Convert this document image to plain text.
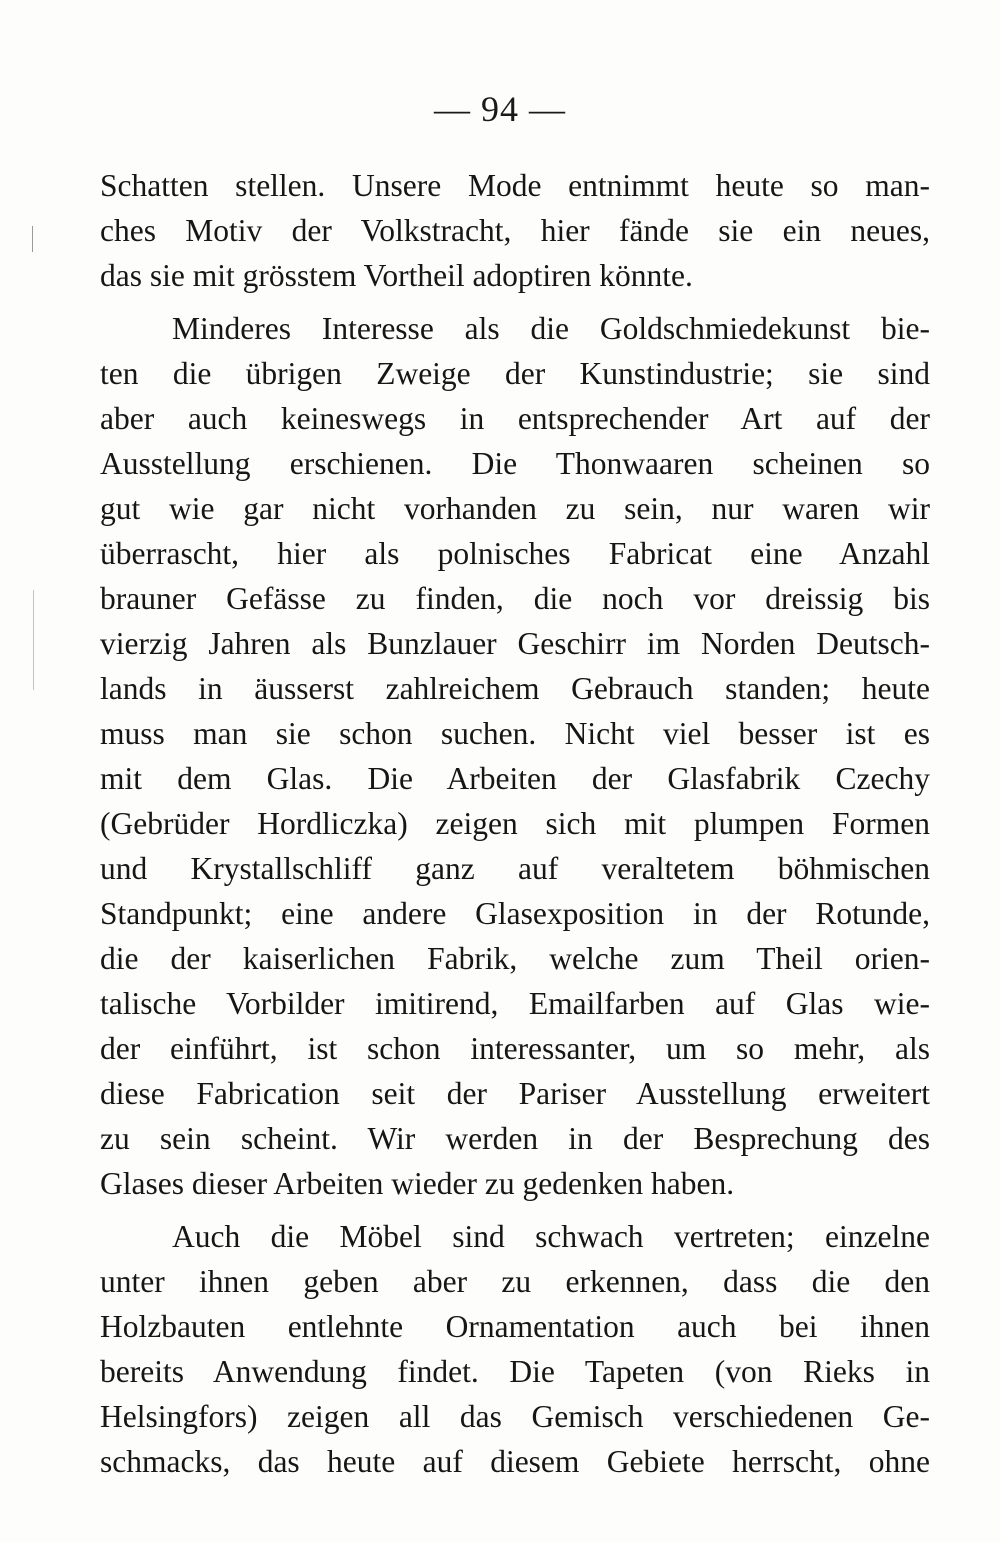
— 94 —
Schatten stellen. Unsere Mode entnimmt heute so man-
ches Motiv der Volkstracht, hier fände sie ein neues,
das sie mit grösstem Vortheil adoptiren könnte.
Minderes Interesse als die Goldschmiedekunst bie-
ten die übrigen Zweige der Kunstindustrie; sie sind
aber auch keineswegs in entsprechender Art auf der
Ausstellung erschienen. Die Thonwaaren scheinen so
gut wie gar nicht vorhanden zu sein, nur waren wir
überrascht, hier als polnisches Fabricat eine Anzahl
brauner Gefässe zu finden, die noch vor dreissig bis
vierzig Jahren als Bunzlauer Geschirr im Norden Deutsch-
lands in äusserst zahlreichem Gebrauch standen; heute
muss man sie schon suchen. Nicht viel besser ist es
mit dem Glas. Die Arbeiten der Glasfabrik Czechy
(Gebrüder Hordliczka) zeigen sich mit plumpen Formen
und Krystallschliff ganz auf veraltetem böhmischen
Standpunkt; eine andere Glasexposition in der Rotunde,
die der kaiserlichen Fabrik, welche zum Theil orien-
talische Vorbilder imitirend, Emailfarben auf Glas wie-
der einführt, ist schon interessanter, um so mehr, als
diese Fabrication seit der Pariser Ausstellung erweitert
zu sein scheint. Wir werden in der Besprechung des
Glases dieser Arbeiten wieder zu gedenken haben.
Auch die Möbel sind schwach vertreten; einzelne
unter ihnen geben aber zu erkennen, dass die den
Holzbauten entlehnte Ornamentation auch bei ihnen
bereits Anwendung findet. Die Tapeten (von Rieks in
Helsingfors) zeigen all das Gemisch verschiedenen Ge-
schmacks, das heute auf diesem Gebiete herrscht, ohne
